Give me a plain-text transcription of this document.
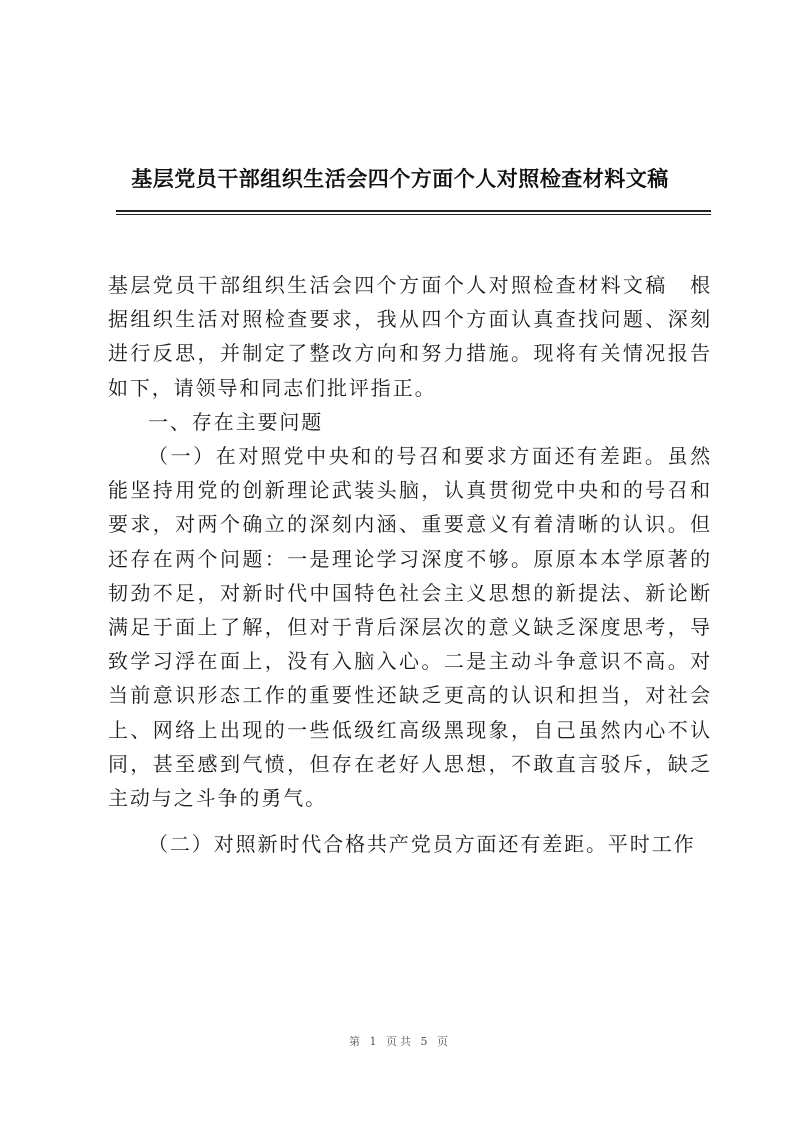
基层党员干部组织生活会四个方面个人对照检查材料文稿

基层党员干部组织生活会四个方面个人对照检查材料文稿　根据组织生活对照检查要求，我从四个方面认真查找问题、深刻进行反思，并制定了整改方向和努力措施。现将有关情况报告如下，请领导和同志们批评指正。

一、存在主要问题

（一）在对照党中央和的号召和要求方面还有差距。虽然能坚持用党的创新理论武装头脑，认真贯彻党中央和的号召和要求，对两个确立的深刻内涵、重要意义有着清晰的认识。但还存在两个问题：一是理论学习深度不够。原原本本学原著的韧劲不足，对新时代中国特色社会主义思想的新提法、新论断满足于面上了解，但对于背后深层次的意义缺乏深度思考，导致学习浮在面上，没有入脑入心。二是主动斗争意识不高。对当前意识形态工作的重要性还缺乏更高的认识和担当，对社会上、网络上出现的一些低级红高级黑现象，自己虽然内心不认同，甚至感到气愤，但存在老好人思想，不敢直言驳斥，缺乏主动与之斗争的勇气。

（二）对照新时代合格共产党员方面还有差距。平时工作

第 1 页共 5 页
